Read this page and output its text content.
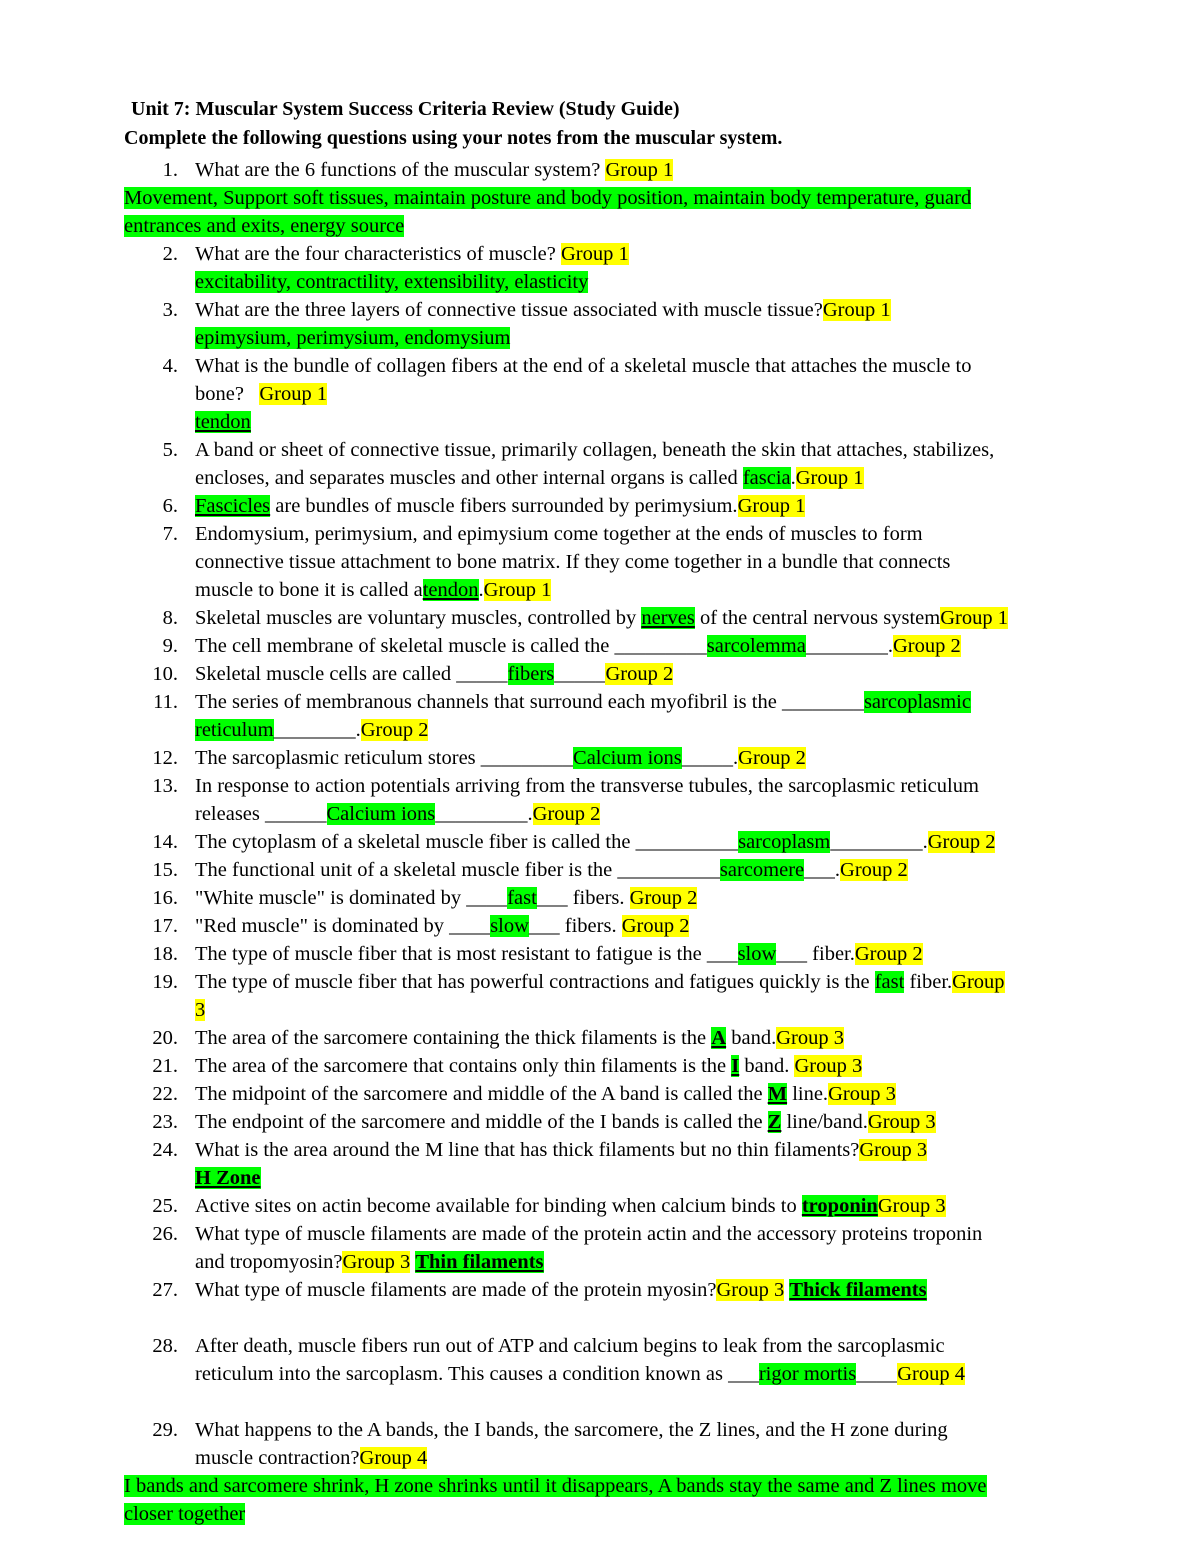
Unit 7: Muscular System Success Criteria Review (Study Guide)
Complete the following questions using your notes from the muscular system.
1. What are the 6 functions of the muscular system? Group 1
Movement, Support soft tissues, maintain posture and body position, maintain body temperature, guard
entrances and exits, energy source
2. What are the four characteristics of muscle? Group 1
excitability, contractility, extensibility, elasticity
3. What are the three layers of connective tissue associated with muscle tissue?Group 1
epimysium, perimysium, endomysium
4. What is the bundle of collagen fibers at the end of a skeletal muscle that attaches the muscle to
bone? Group 1
tendon
5. A band or sheet of connective tissue, primarily collagen, beneath the skin that attaches, stabilizes,
encloses, and separates muscles and other internal organs is called fascia.Group 1
6. Fascicles are bundles of muscle fibers surrounded by perimysium.Group 1
7. Endomysium, perimysium, and epimysium come together at the ends of muscles to form
connective tissue attachment to bone matrix. If they come together in a bundle that connects
muscle to bone it is called atendon.Group 1
8. Skeletal muscles are voluntary muscles, controlled by nerves of the central nervous systemGroup 1
9. The cell membrane of skeletal muscle is called the _________sarcolemma________.Group 2
10. Skeletal muscle cells are called _____fibers_____Group 2
11. The series of membranous channels that surround each myofibril is the ________sarcoplasmic
reticulum________.Group 2
12. The sarcoplasmic reticulum stores _________Calcium ions_____.Group 2
13. In response to action potentials arriving from the transverse tubules, the sarcoplasmic reticulum
releases ______Calcium ions_________.Group 2
14. The cytoplasm of a skeletal muscle fiber is called the __________sarcoplasm_________.Group 2
15. The functional unit of a skeletal muscle fiber is the __________sarcomere___.Group 2
16. "White muscle" is dominated by ____fast___ fibers. Group 2
17. "Red muscle" is dominated by ____slow___ fibers. Group 2
18. The type of muscle fiber that is most resistant to fatigue is the ___slow___ fiber.Group 2
19. The type of muscle fiber that has powerful contractions and fatigues quickly is the fast fiber.Group
3
20. The area of the sarcomere containing the thick filaments is the A band.Group 3
21. The area of the sarcomere that contains only thin filaments is the I band. Group 3
22. The midpoint of the sarcomere and middle of the A band is called the M line.Group 3
23. The endpoint of the sarcomere and middle of the I bands is called the Z line/band.Group 3
24. What is the area around the M line that has thick filaments but no thin filaments?Group 3
H Zone
25. Active sites on actin become available for binding when calcium binds to troponinGroup 3
26. What type of muscle filaments are made of the protein actin and the accessory proteins troponin
and tropomyosin?Group 3 Thin filaments
27. What type of muscle filaments are made of the protein myosin?Group 3 Thick filaments
28. After death, muscle fibers run out of ATP and calcium begins to leak from the sarcoplasmic
reticulum into the sarcoplasm. This causes a condition known as ___rigor mortis____Group 4
29. What happens to the A bands, the I bands, the sarcomere, the Z lines, and the H zone during
muscle contraction?Group 4
I bands and sarcomere shrink, H zone shrinks until it disappears, A bands stay the same and Z lines move
closer together
